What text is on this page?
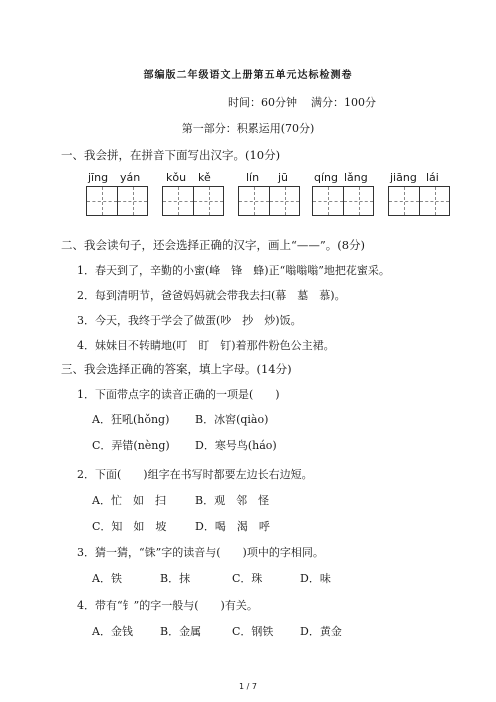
部编版二年级语文上册第五单元达标检测卷
时间：60分钟 满分：100分
第一部分：积累运用(70分)
一、我会拼，在拼音下面写出汉字。(10分)
jīng yán kǒu kě	lín jū qíng lǎng jiāng lái
二、我会读句子，还会选择正确的汉字，画上“——”。(8分)
1．春天到了，辛勤的小蜜(峰　锋　蜂)正“嗡嗡嗡”地把花蜜采。
2．每到清明节，爸爸妈妈就会带我去扫(幕　墓　慕)。
3．今天，我终于学会了做蛋(吵　抄　炒)饭。
4．妹妹目不转睛地(叮　盯　钉)着那件粉色公主裙。
三、我会选择正确的答案，填上字母。(14分)
1．下面带点字的读音正确的一项是(　　)
A．狂吼(hǒng) B．冰窖(qiào)
C．弄错(nèng) D．寒号鸟(háo)
2．下面(　　)组字在书写时都要左边长右边短。
A．忙　如　扫	B．观　邻　怪
C．知　如　坡	D．喝　渴　呼
3．猜一猜，“铢”字的读音与(　　)项中的字相同。
A．铁	B．抹	C．珠	D．味
4．带有“钅”的字一般与(　　)有关。
A．金钱 B．金属	C．钢铁 D．黄金
1 / 7
